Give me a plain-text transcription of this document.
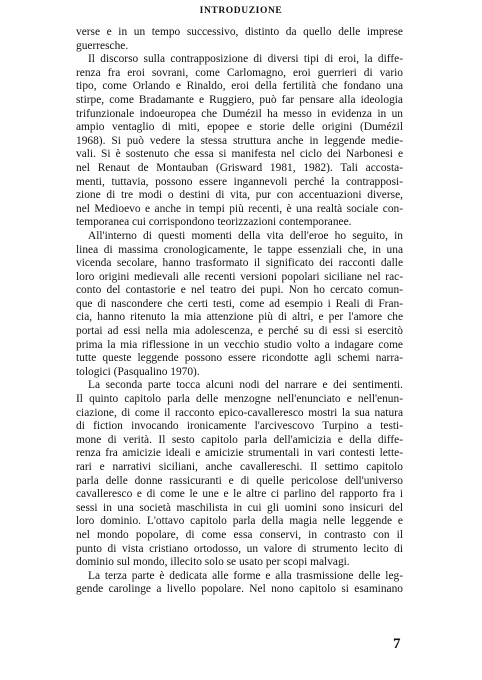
INTRODUZIONE
verse e in un tempo successivo, distinto da quello delle imprese
guerresche.
Il discorso sulla contrapposizione di diversi tipi di eroi, la diffe-
renza fra eroi sovrani, come Carlomagno, eroi guerrieri di vario
tipo, come Orlando e Rinaldo, eroi della fertilità che fondano una
stirpe, come Bradamante e Ruggiero, può far pensare alla ideologia
trifunzionale indoeuropea che Dumézil ha messo in evidenza in un
ampio ventaglio di miti, epopee e storie delle origini (Dumézil
1968). Si può vedere la stessa struttura anche in leggende medie-
vali. Si è sostenuto che essa si manifesta nel ciclo dei Narbonesi e
nel Renaut de Montauban (Grisward 1981, 1982). Tali accosta-
menti, tuttavia, possono essere ingannevoli perché la contrapposi-
zione di tre modi o destini di vita, pur con accentuazioni diverse,
nel Medioevo e anche in tempi più recenti, è una realtà sociale con-
temporanea cui corrispondono teorizzazioni contemporanee.
All'interno di questi momenti della vita dell'eroe ho seguito, in
linea di massima cronologicamente, le tappe essenziali che, in una
vicenda secolare, hanno trasformato il significato dei racconti dalle
loro origini medievali alle recenti versioni popolari siciliane nel rac-
conto del contastorie e nel teatro dei pupi. Non ho cercato comun-
que di nascondere che certi testi, come ad esempio i Reali di Fran-
cia, hanno ritenuto la mia attenzione più di altri, e per l'amore che
portai ad essi nella mia adolescenza, e perché su di essi si esercitò
prima la mia riflessione in un vecchio studio volto a indagare come
tutte queste leggende possono essere ricondotte agli schemi narra-
tologici (Pasqualino 1970).
La seconda parte tocca alcuni nodi del narrare e dei sentimenti.
Il quinto capitolo parla delle menzogne nell'enunciato e nell'enun-
ciazione, di come il racconto epico-cavalleresco mostri la sua natura
di fiction invocando ironicamente l'arcivescovo Turpino a testi-
mone di verità. Il sesto capitolo parla dell'amicizia e della diffe-
renza fra amicizie ideali e amicizie strumentali in vari contesti lette-
rari e narrativi siciliani, anche cavallereschi. Il settimo capitolo
parla delle donne rassicuranti e di quelle pericolose dell'universo
cavalleresco e di come le une e le altre ci parlino del rapporto fra i
sessi in una società maschilista in cui gli uomini sono insicuri del
loro dominio. L'ottavo capitolo parla della magia nelle leggende e
nel mondo popolare, di come essa conservi, in contrasto con il
punto di vista cristiano ortodosso, un valore di strumento lecito di
dominio sul mondo, illecito solo se usato per scopi malvagi.
La terza parte è dedicata alle forme e alla trasmissione delle leg-
gende carolinge a livello popolare. Nel nono capitolo si esaminano
7
